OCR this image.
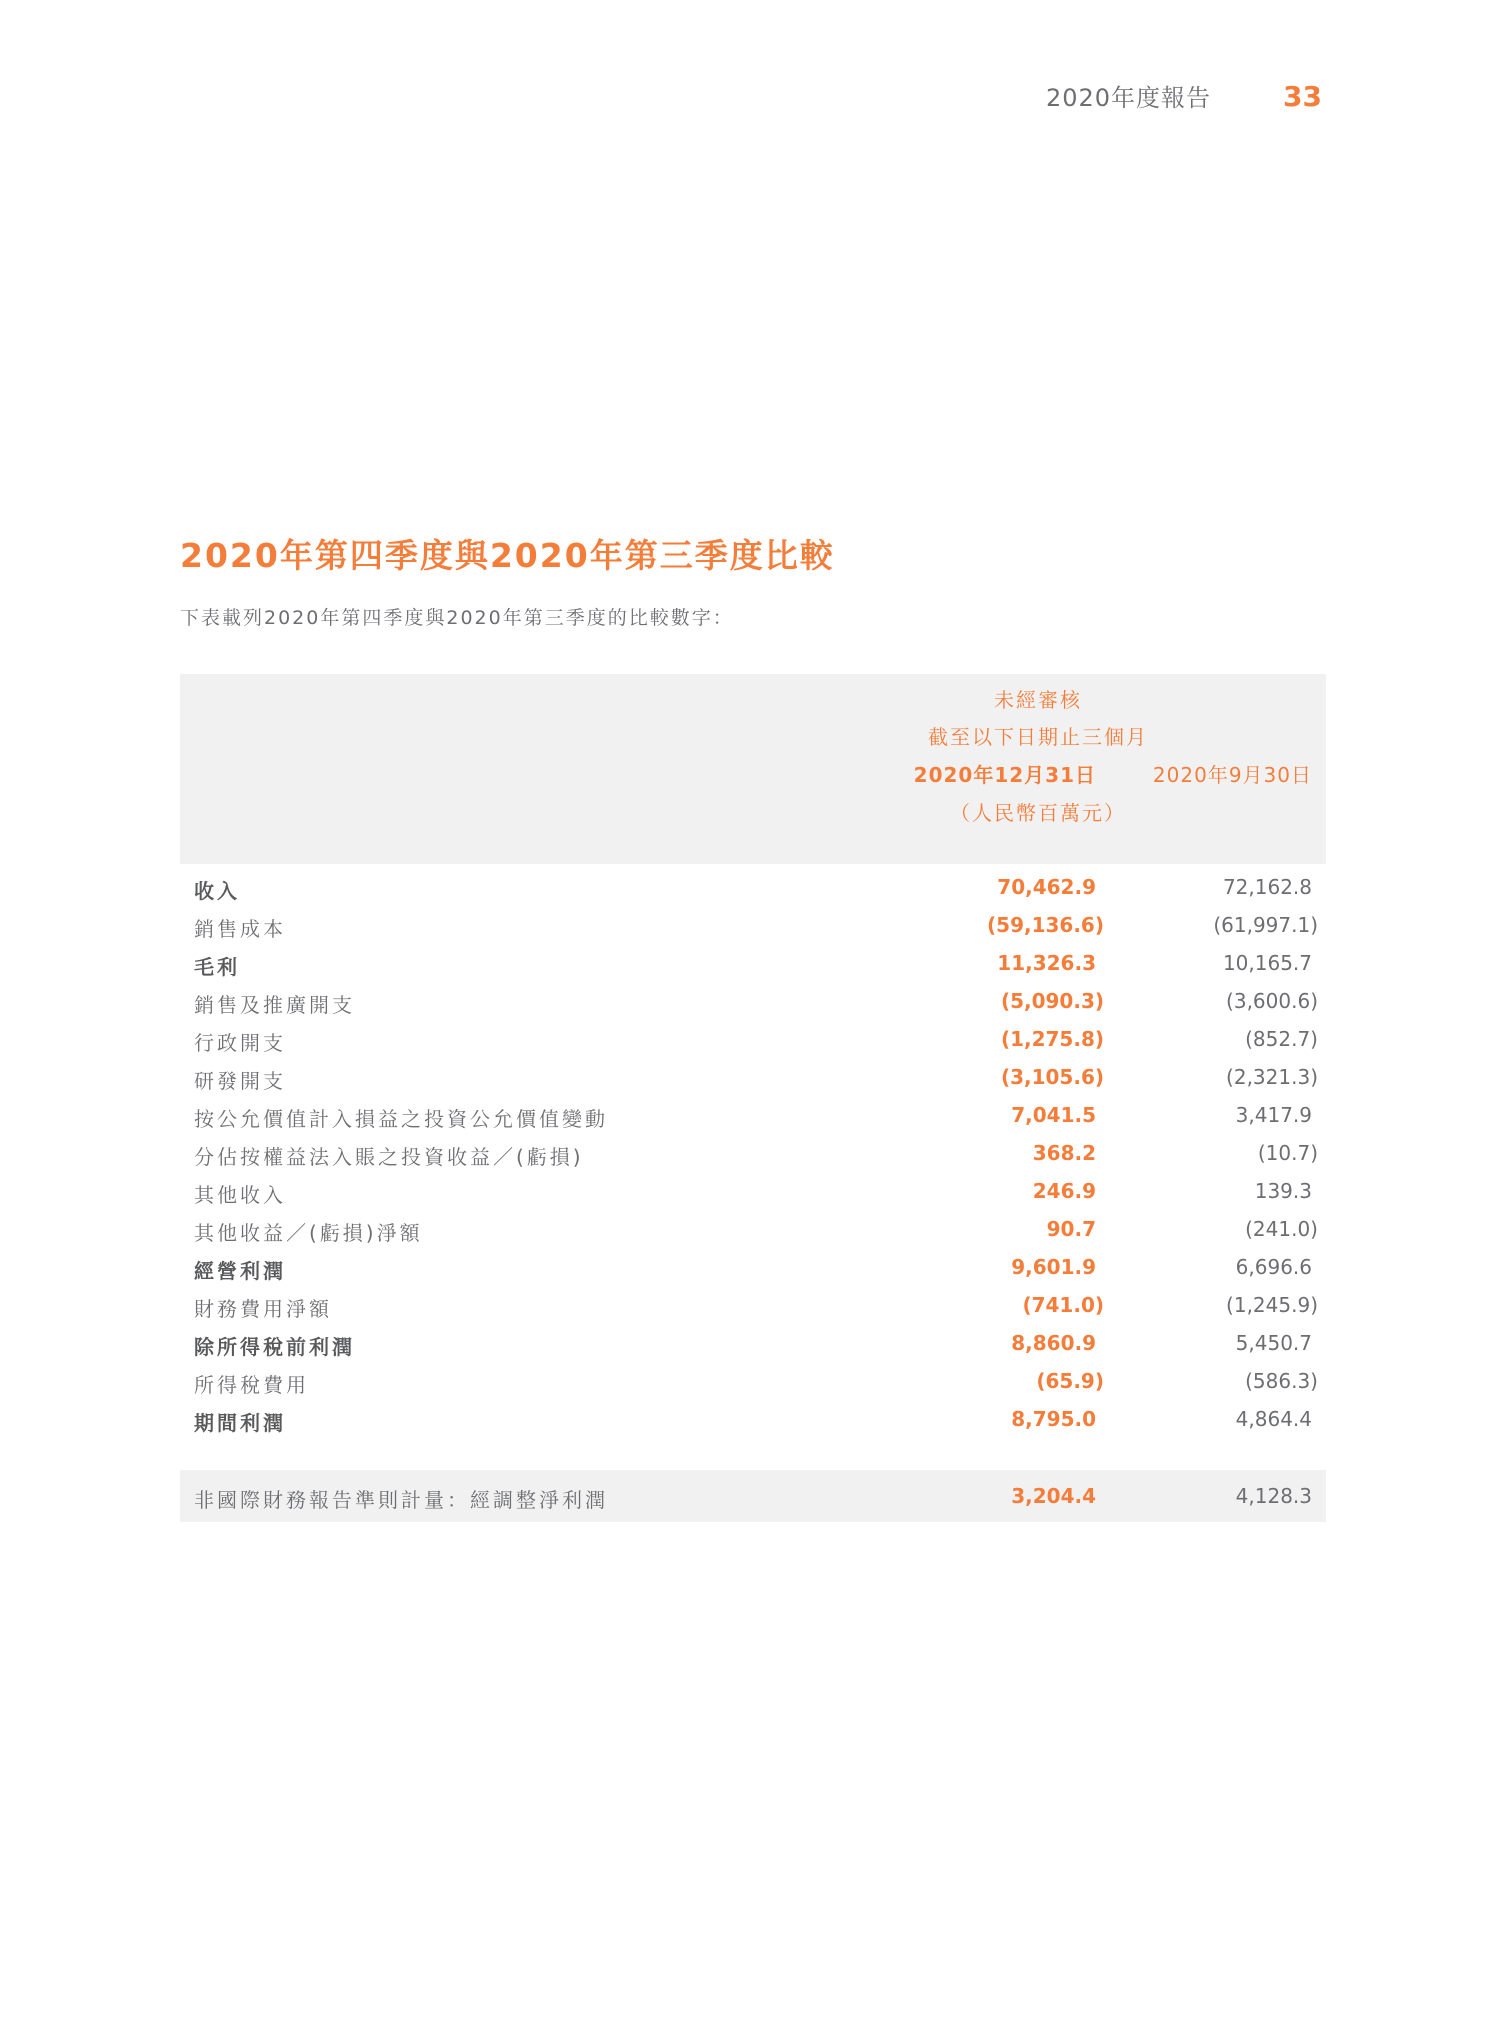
2020年度報告	33
2020年第四季度與2020年第三季度比較
下表載列2020年第四季度與2020年第三季度的比較數字：
未經審核
截至以下日期止三個月
2020年12月31日	2020年9月30日
（人民幣百萬元）
收入	70,462.9	72,162.8
銷售成本	(59,136.6)	(61,997.1)
毛利	11,326.3	10,165.7
銷售及推廣開支	(5,090.3)	(3,600.6)
行政開支	(1,275.8)	(852.7)
研發開支	(3,105.6)	(2,321.3)
按公允價值計入損益之投資公允價值變動	7,041.5	3,417.9
分佔按權益法入賬之投資收益／(虧損)	368.2	(10.7)
其他收入	246.9	139.3
其他收益／(虧損)淨額	90.7	(241.0)
經營利潤	9,601.9	6,696.6
財務費用淨額	(741.0)	(1,245.9)
除所得稅前利潤	8,860.9	5,450.7
所得稅費用	(65.9)	(586.3)
期間利潤	8,795.0	4,864.4
非國際財務報告準則計量：經調整淨利潤	3,204.4	4,128.3
